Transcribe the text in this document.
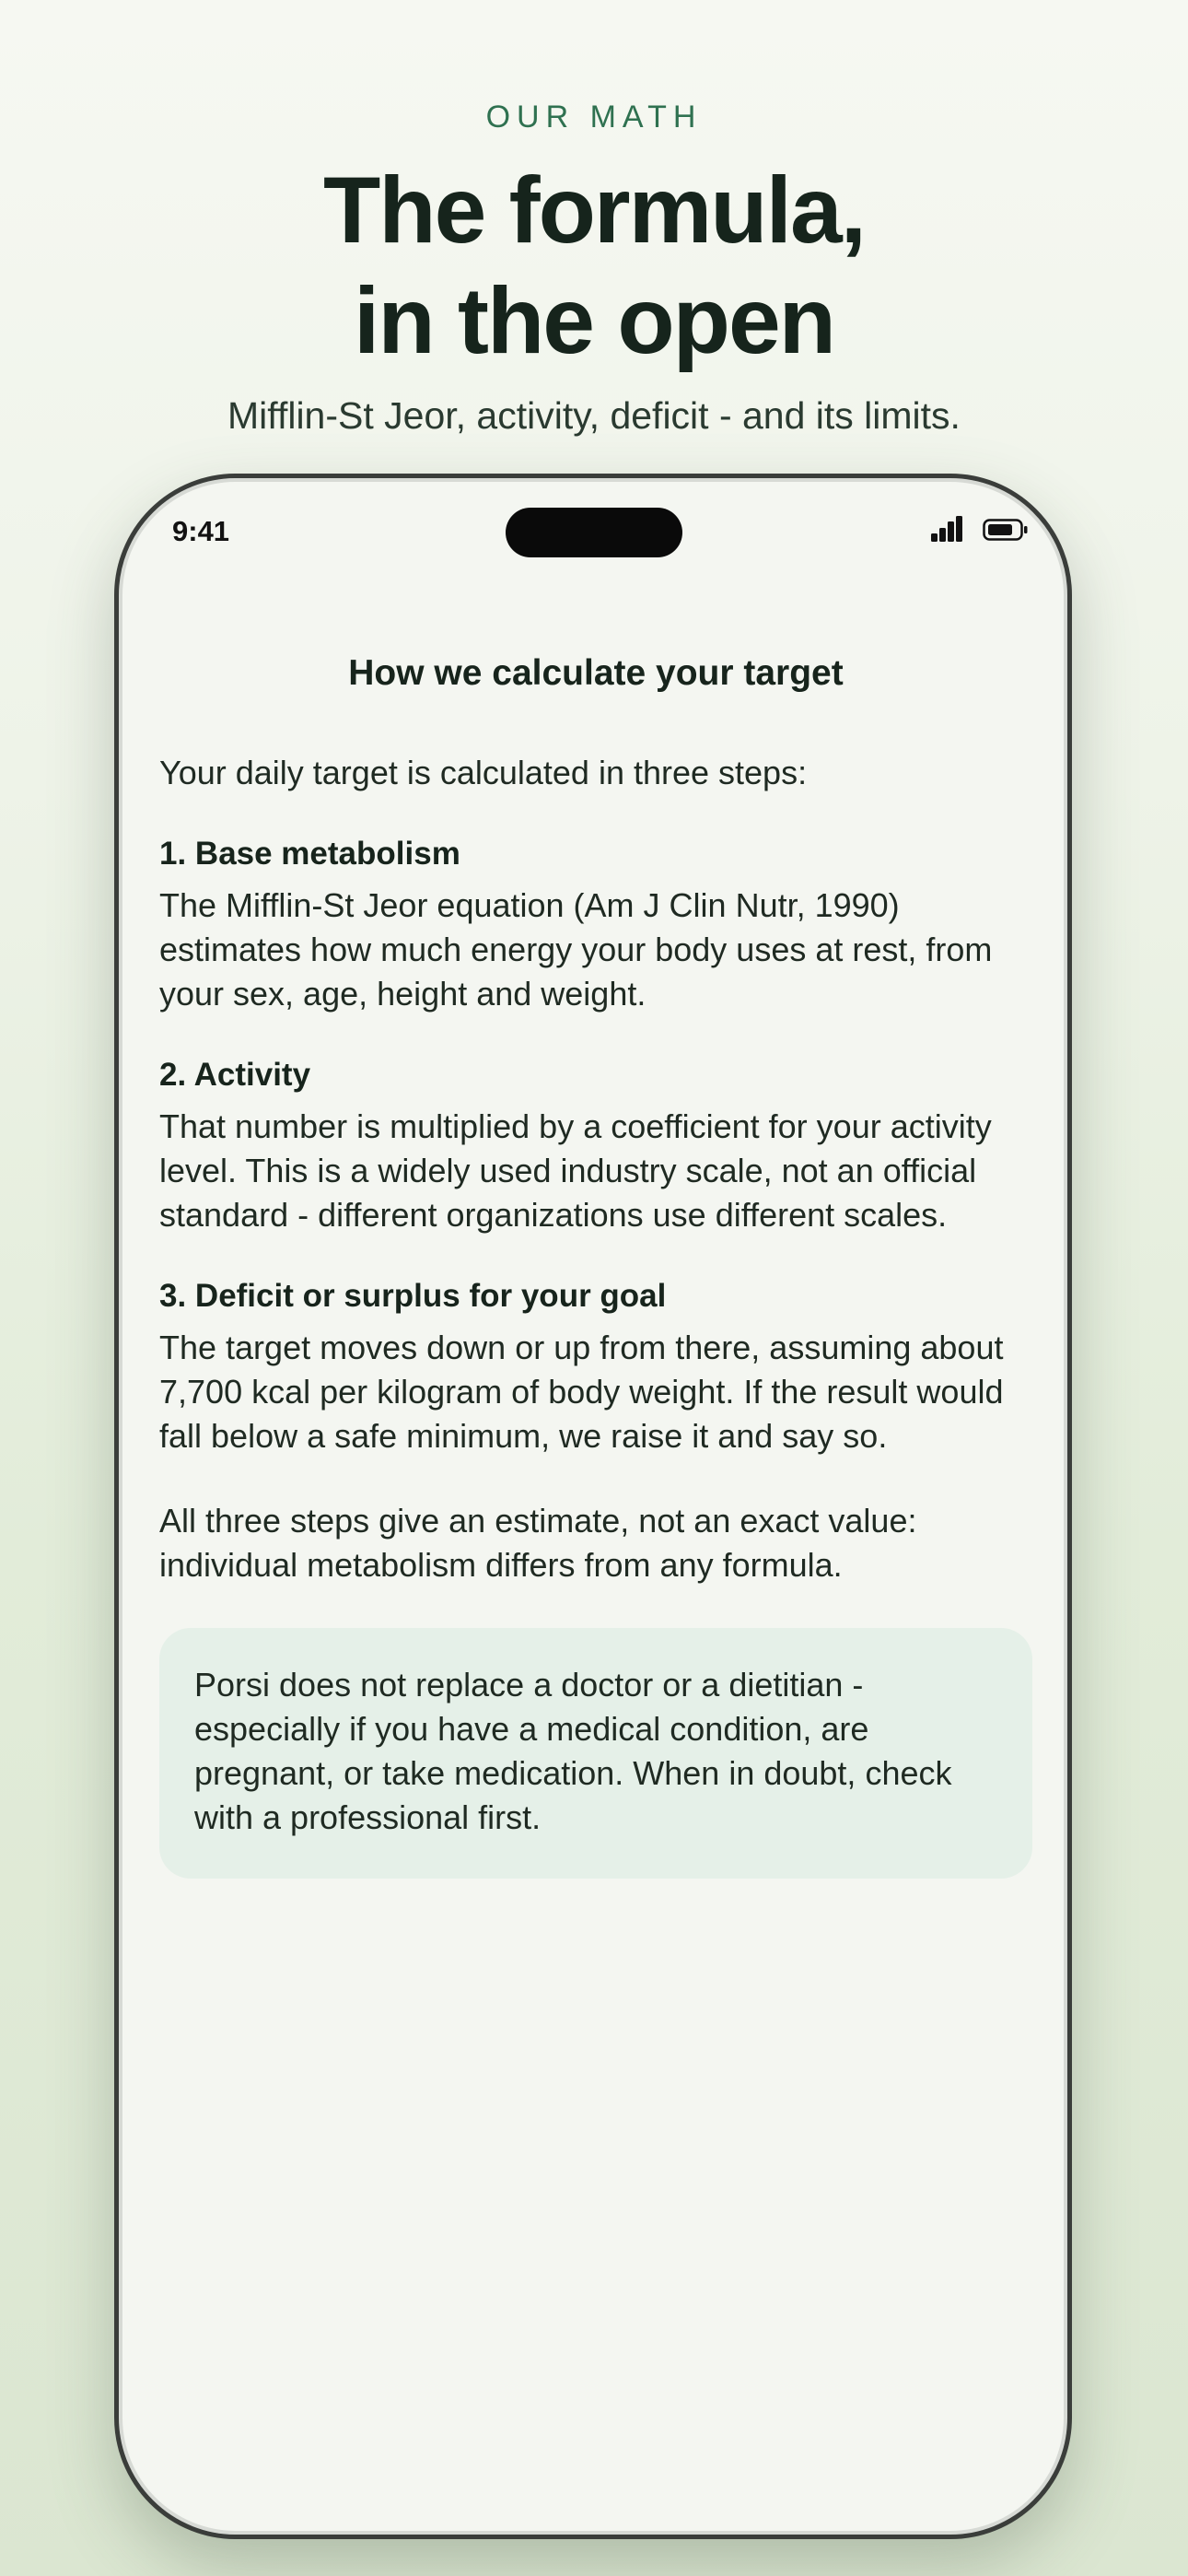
OUR MATH
The formula,
in the open
Mifflin-St Jeor, activity, deficit - and its limits.
9:41
How we calculate your target

Your daily target is calculated in three steps:

1. Base metabolism

The Mifflin-St Jeor equation (Am J Clin Nutr, 1990) estimates how much energy your body uses at rest, from your sex, age, height and weight.

2. Activity

That number is multiplied by a coefficient for your activity level. This is a widely used industry scale, not an official standard - different organizations use different scales.

3. Deficit or surplus for your goal

The target moves down or up from there, assuming about 7,700 kcal per kilogram of body weight. If the result would fall below a safe minimum, we raise it and say so.

All three steps give an estimate, not an exact value: individual metabolism differs from any formula.

Porsi does not replace a doctor or a dietitian - especially if you have a medical condition, are pregnant, or take medication. When in doubt, check with a professional first.
